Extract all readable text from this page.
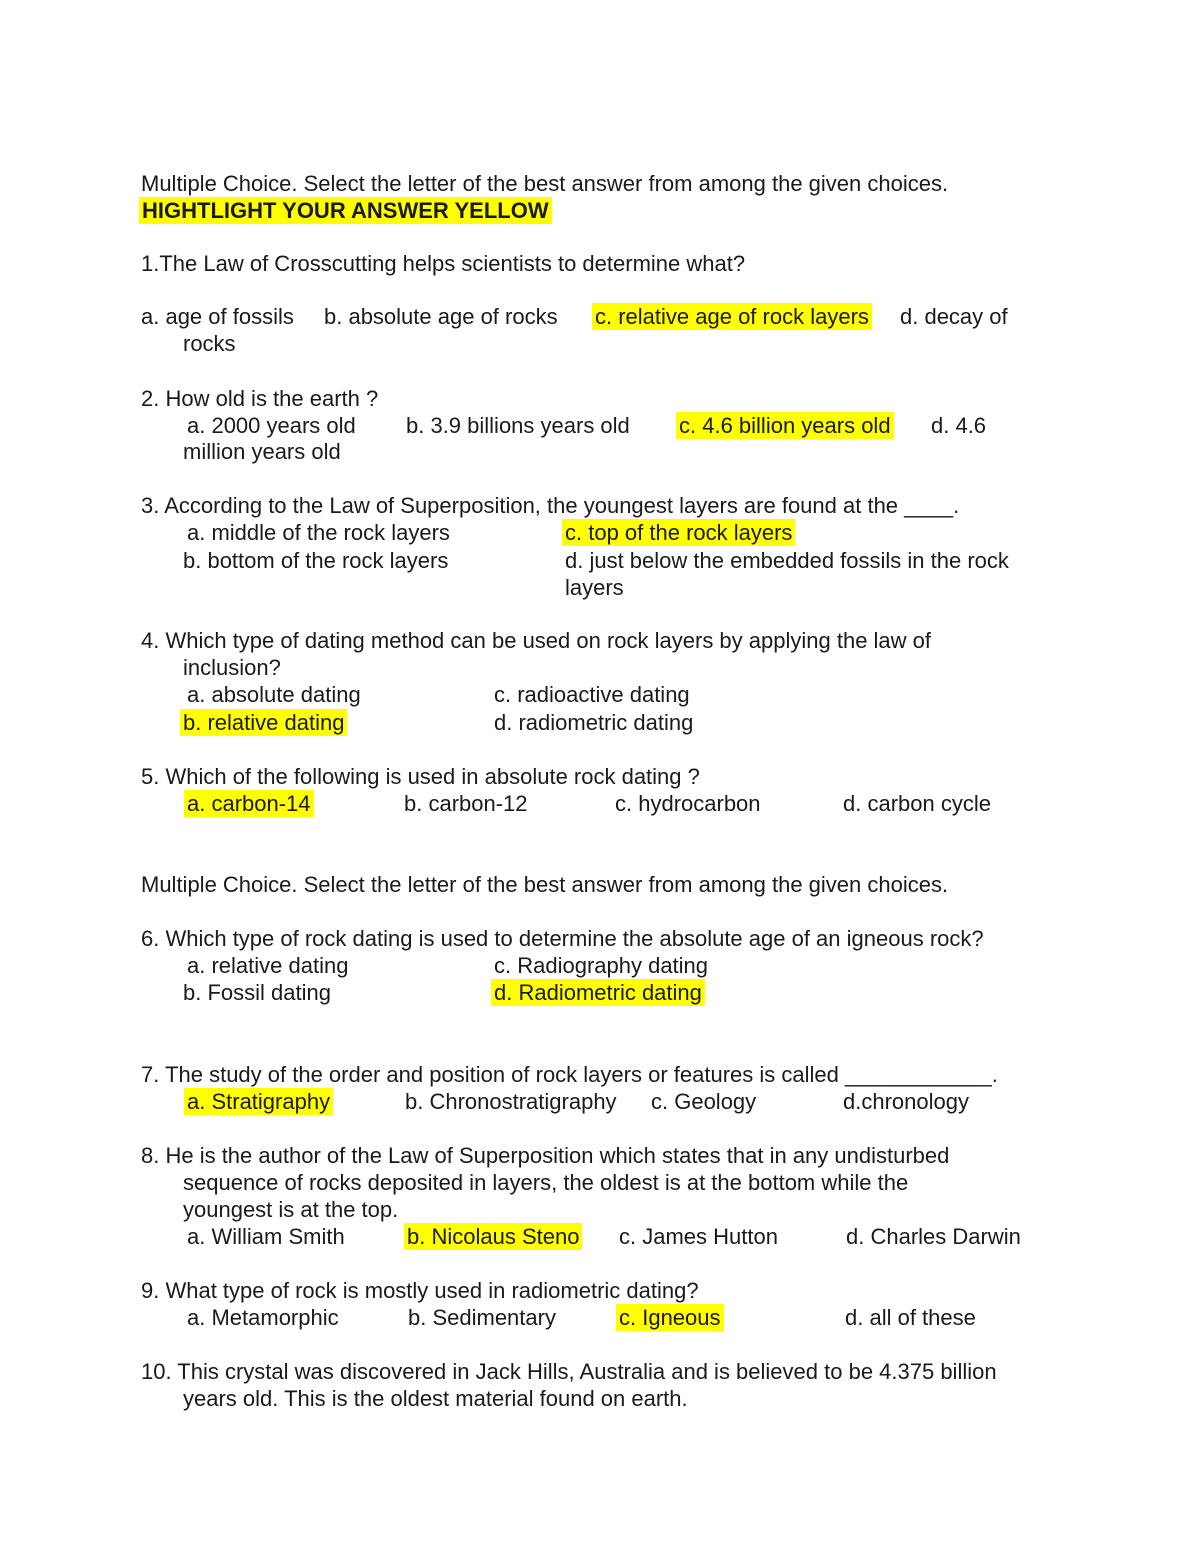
Multiple Choice. Select the letter of the best answer from among the given choices.
HIGHTLIGHT YOUR ANSWER YELLOW
1.The Law of Crosscutting helps scientists to determine what?
a. age of fossils b. absolute age of rocks c. relative age of rock layers d. decay of
rocks
2. How old is the earth ?
a. 2000 years old b. 3.9 billions years old c. 4.6 billion years old d. 4.6
million years old
3. According to the Law of Superposition, the youngest layers are found at the ____.
a. middle of the rock layers	c. top of the rock layers
b. bottom of the rock layers	d. just below the embedded fossils in the rock
layers
4. Which type of dating method can be used on rock layers by applying the law of
inclusion?
a. absolute dating	c. radioactive dating
b. relative dating	d. radiometric dating
5. Which of the following is used in absolute rock dating ?
a. carbon-14	b. carbon-12	c. hydrocarbon	d. carbon cycle
Multiple Choice. Select the letter of the best answer from among the given choices.
6. Which type of rock dating is used to determine the absolute age of an igneous rock?
a. relative dating	c. Radiography dating
b. Fossil dating	d. Radiometric dating
7. The study of the order and position of rock layers or features is called ____________.
a. Stratigraphy	b. Chronostratigraphy c. Geology	d.chronology
8. He is the author of the Law of Superposition which states that in any undisturbed
sequence of rocks deposited in layers, the oldest is at the bottom while the
youngest is at the top.
a. William Smith	b. Nicolaus Steno c. James Hutton	d. Charles Darwin
9. What type of rock is mostly used in radiometric dating?
a. Metamorphic	b. Sedimentary	c. Igneous	d. all of these
10. This crystal was discovered in Jack Hills, Australia and is believed to be 4.375 billion
years old. This is the oldest material found on earth.
